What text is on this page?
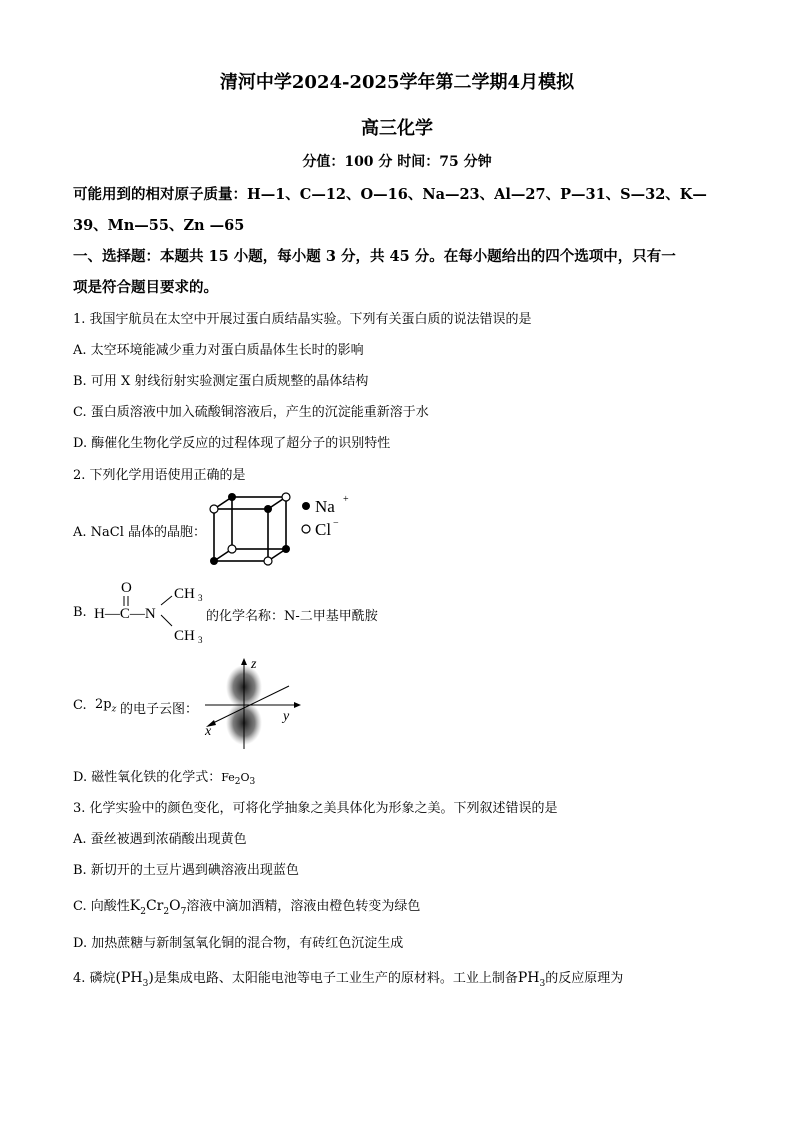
清河中学2024-2025学年第二学期4月模拟
高三化学
分值：100 分 时间：75 分钟
可能用到的相对原子质量：H—1、C—12、O—16、Na—23、Al—27、P—31、S—32、K—
39、Mn—55、Zn —65
一、选择题：本题共 15 小题，每小题 3 分，共 45 分。在每小题给出的四个选项中，只有一
项是符合题目要求的。
1. 我国宇航员在太空中开展过蛋白质结晶实验。下列有关蛋白质的说法错误的是
A. 太空环境能减少重力对蛋白质晶体生长时的影响
B. 可用 X 射线衍射实验测定蛋白质规整的晶体结构
C. 蛋白质溶液中加入硫酸铜溶液后，产生的沉淀能重新溶于水
D. 酶催化生物化学反应的过程体现了超分子的识别特性
2. 下列化学用语使用正确的是
A. NaCl 晶体的晶胞：
Na +
Cl −
B.
O
H—C—N
CH 3
CH 3
的化学名称：N-二甲基甲酰胺
C. $2p_z$ 的电子云图：
z
y
x
D. 磁性氧化铁的化学式：$Fe_2O_3$
3. 化学实验中的颜色变化，可将化学抽象之美具体化为形象之美。下列叙述错误的是
A. 蚕丝被遇到浓硝酸出现黄色
B. 新切开的土豆片遇到碘溶液出现蓝色
C. 向酸性$K_2Cr_2O_7$溶液中滴加酒精，溶液由橙色转变为绿色
D. 加热蔗糖与新制氢氧化铜的混合物，有砖红色沉淀生成
4. 磷烷$(PH_3)$是集成电路、太阳能电池等电子工业生产的原材料。工业上制备$PH_3$的反应原理为
